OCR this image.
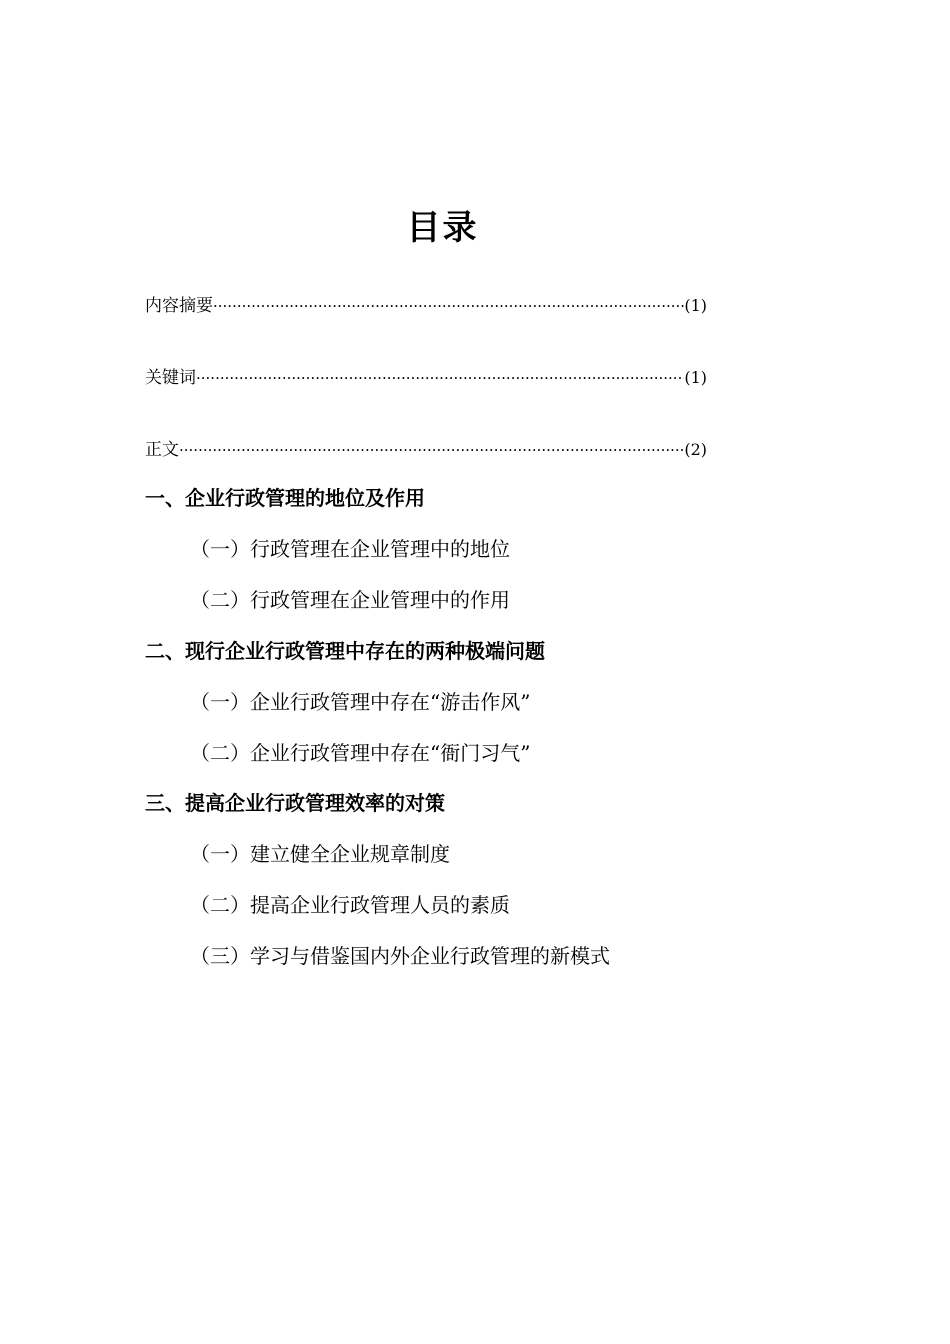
目录
内容摘要 ·····	(1)
关键词 ·····	(1)
正文 ·····	(2)
一、企业行政管理的地位及作用
（一）行政管理在企业管理中的地位
（二）行政管理在企业管理中的作用
二、现行企业行政管理中存在的两种极端问题
（一）企业行政管理中存在“游击作风”
（二）企业行政管理中存在“衙门习气”
三、提高企业行政管理效率的对策
（一）建立健全企业规章制度
（二）提高企业行政管理人员的素质
（三）学习与借鉴国内外企业行政管理的新模式
